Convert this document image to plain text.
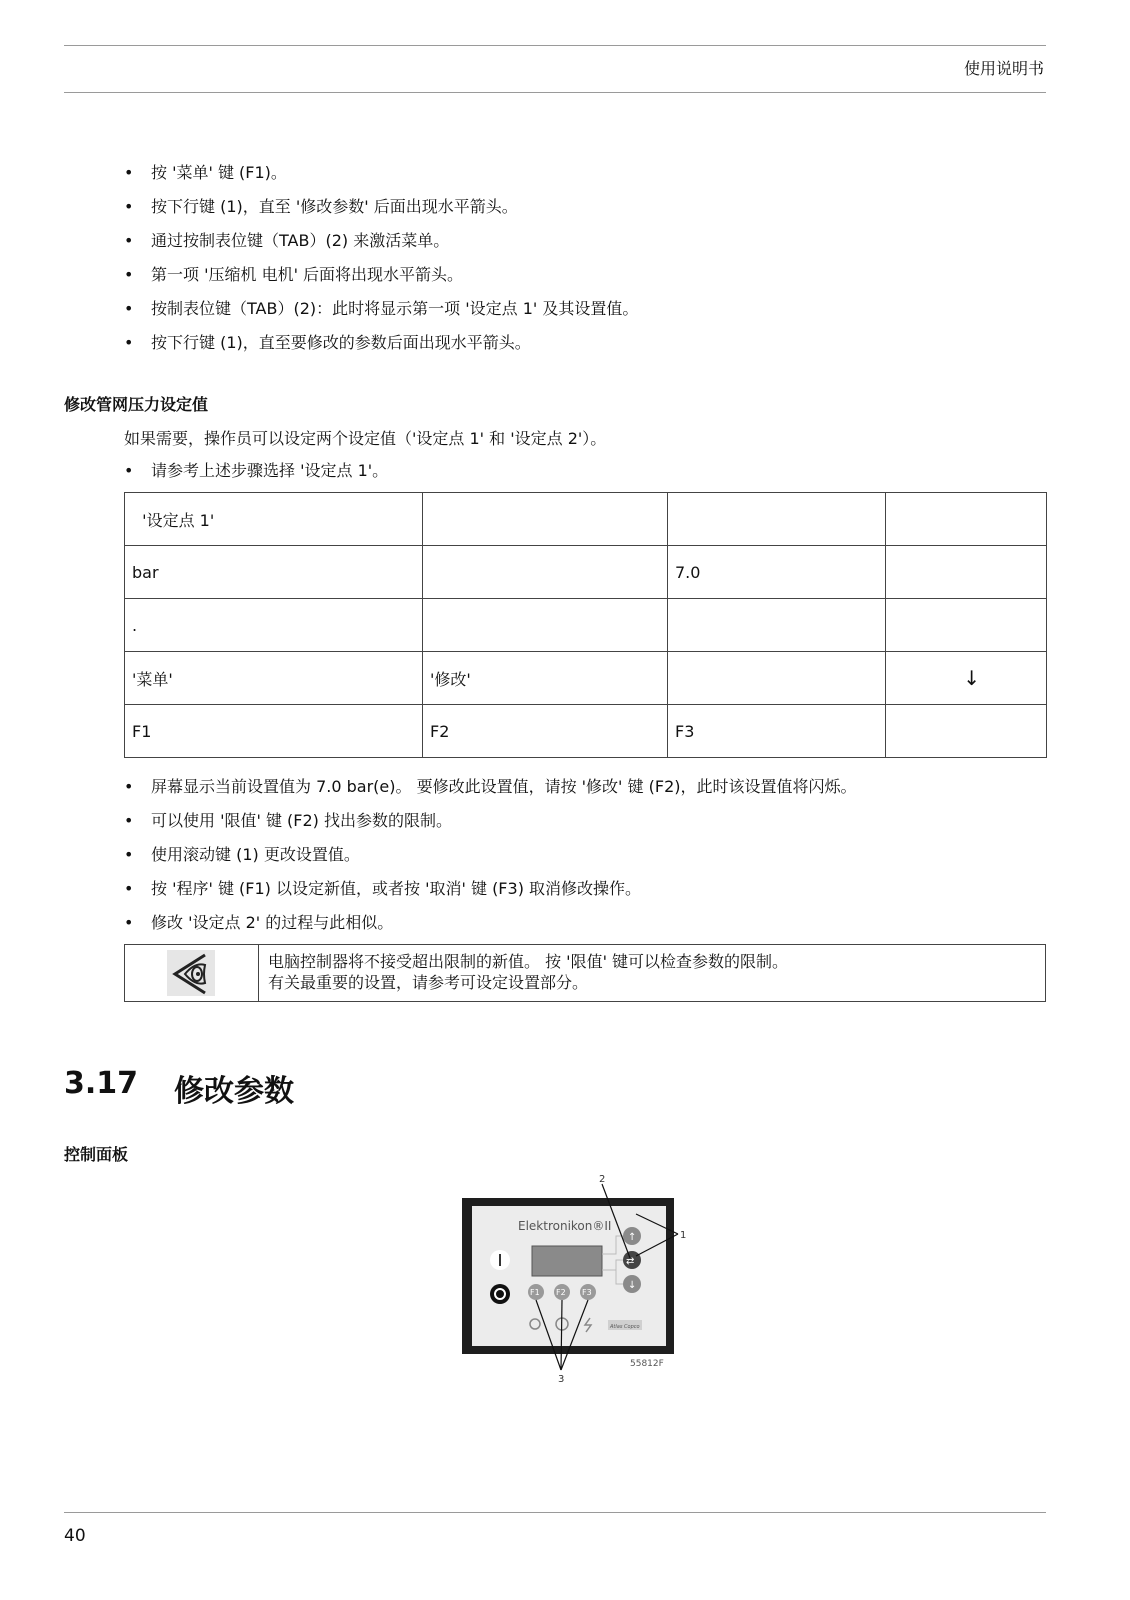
使用说明书
• 按 '菜单' 键 (F1)。
• 按下行键 (1)，直至 '修改参数' 后面出现水平箭头。
• 通过按制表位键（TAB）(2) 来激活菜单。
• 第一项 '压缩机 电机' 后面将出现水平箭头。
• 按制表位键（TAB）(2)：此时将显示第一项 '设定点 1' 及其设置值。
• 按下行键 (1)，直至要修改的参数后面出现水平箭头。
修改管网压力设定值
如果需要，操作员可以设定两个设定值（'设定点 1' 和 '设定点 2'）。
• 请参考上述步骤选择 '设定点 1'。
'设定点 1'			
bar		7.0	
.			
'菜单'	'修改'		↓
F1	F2	F3	
• 屏幕显示当前设置值为 7.0 bar(e)。 要修改此设置值，请按 '修改' 键 (F2)，此时该设置值将闪烁。
• 可以使用 '限值' 键 (F2) 找出参数的限制。
• 使用滚动键 (1) 更改设置值。
• 按 '程序' 键 (F1) 以设定新值，或者按 '取消' 键 (F3) 取消修改操作。
• 修改 '设定点 2' 的过程与此相似。
电脑控制器将不接受超出限制的新值。 按 '限值' 键可以检查参数的限制。
有关最重要的设置，请参考可设定设置部分。
3.17 修改参数
控制面板
Elektronikon®II
↑
⇄
↓
F1 F2 F3
Atlas Copco
2
1
3
55812F
40
